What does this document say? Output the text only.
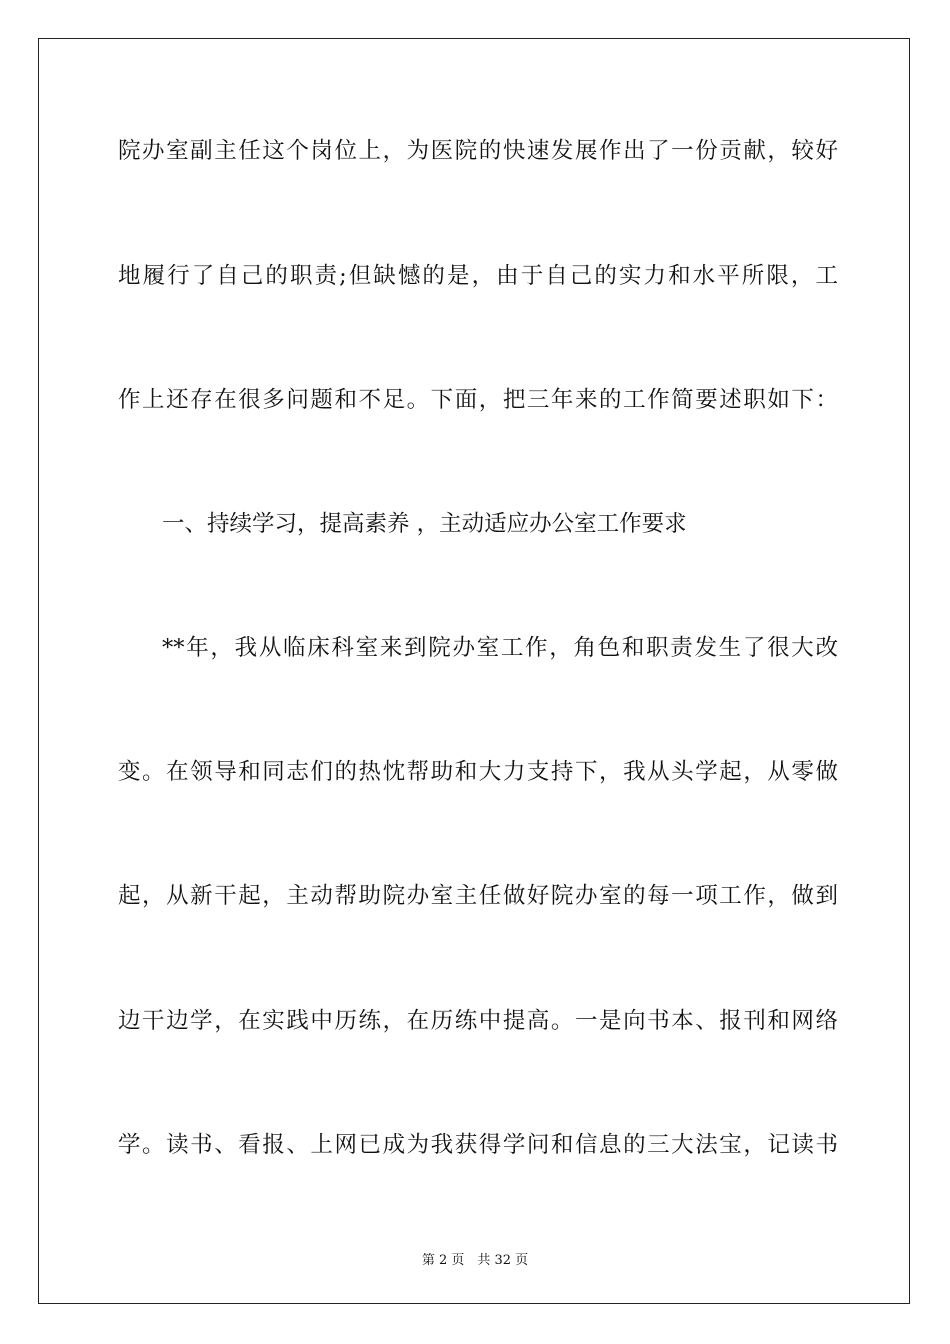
院办室副主任这个岗位上，为医院的快速发展作出了一份贡献，较好
地履行了自己的职责;但缺憾的是，由于自己的实力和水平所限，工
作上还存在很多问题和不足。下面，把三年来的工作简要述职如下：
一、持续学习，提高素养 ，主动适应办公室工作要求
**年，我从临床科室来到院办室工作，角色和职责发生了很大改
变。在领导和同志们的热忱帮助和大力支持下，我从头学起，从零做
起，从新干起，主动帮助院办室主任做好院办室的每一项工作，做到
边干边学，在实践中历练，在历练中提高。一是向书本、报刊和网络
学。读书、看报、上网已成为我获得学问和信息的三大法宝，记读书
第 2 页　共 32 页
